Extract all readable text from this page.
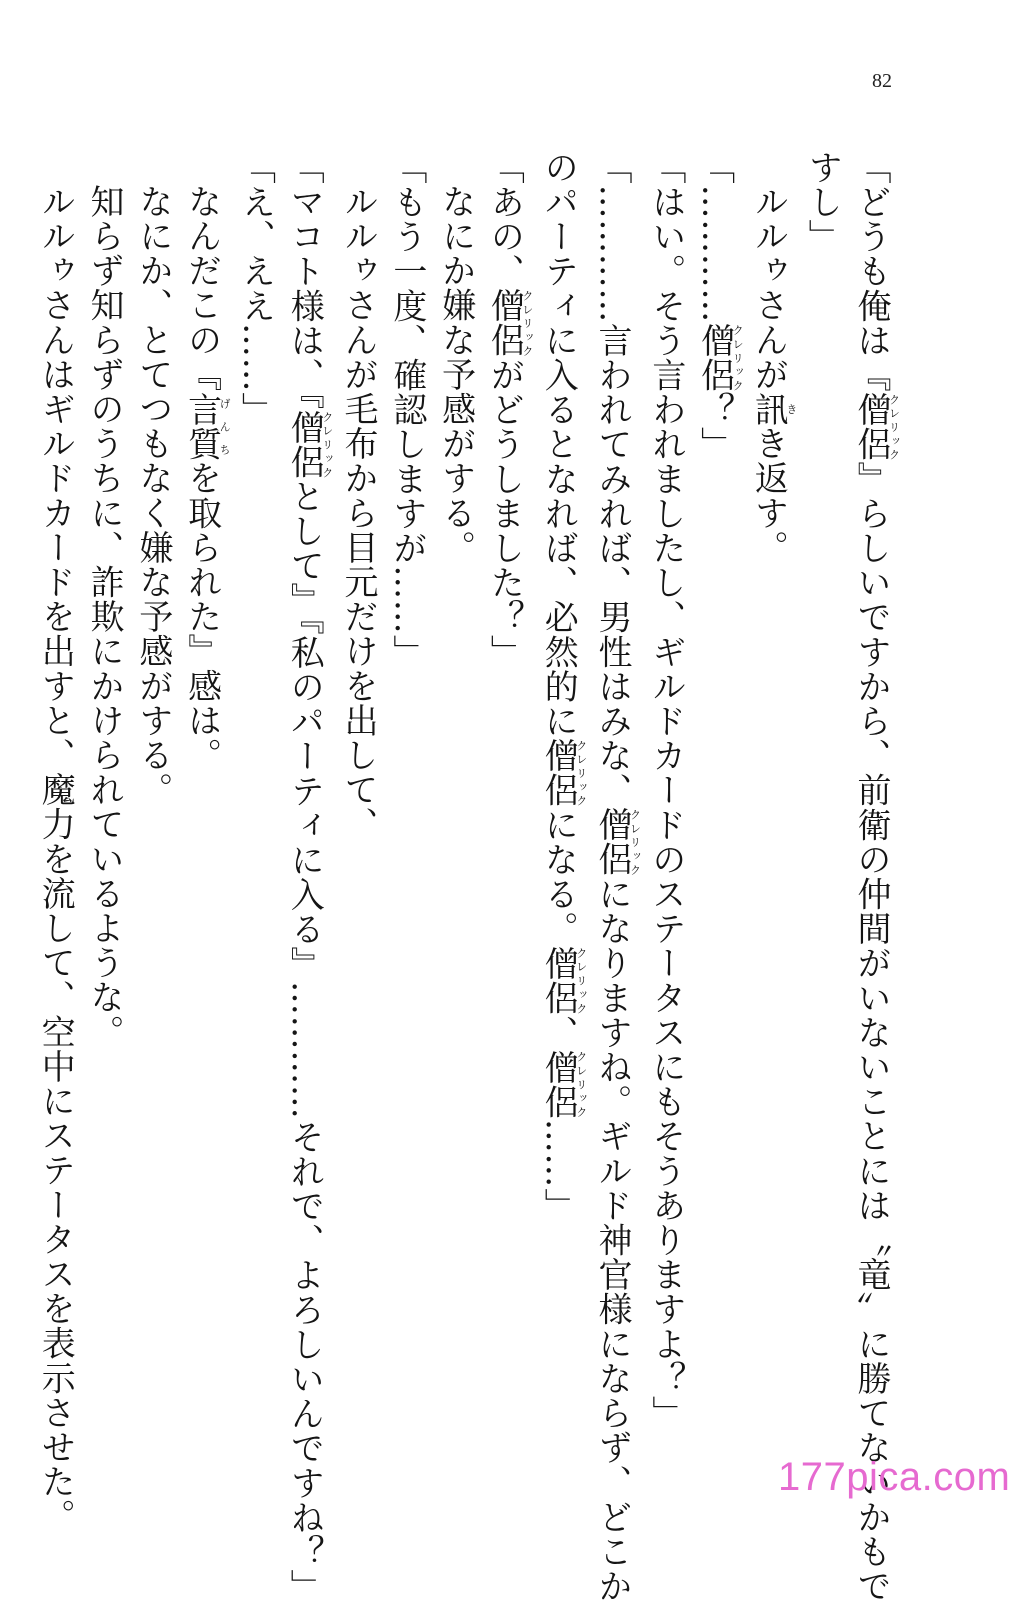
82
「どうも俺は『僧侶クレリック』らしいですから、前衛の仲間がいないことには〝竜〟に勝てないかもで
すし」
ルルゥさんが訊きき返す。
「…………僧侶クレリック？」
「はい。そう言われましたし、ギルドカードのステータスにもそうありますよ？」
「…………言われてみれば、男性はみな、僧侶クレリックになりますね。ギルド神官様にならず、どこか
のパーティに入るとなれば、必然的に僧侶クレリックになる。僧侶クレリック、僧侶クレリック……」
「あの、僧侶クレリックがどうしました？」
なにか嫌な予感がする。
「もう一度、確認しますが……」
ルルゥさんが毛布から目元だけを出して、
「マコト様は、『僧侶クレリックとして』『私のパーティに入る』…………それで、よろしいんですね？」
「え、ええ……」
なんだこの『言質げんちを取られた』感は。
なにか、とてつもなく嫌な予感がする。
知らず知らずのうちに、詐欺にかけられているような。
ルルゥさんはギルドカードを出すと、魔力を流して、空中にステータスを表示させた。	177pica.com
